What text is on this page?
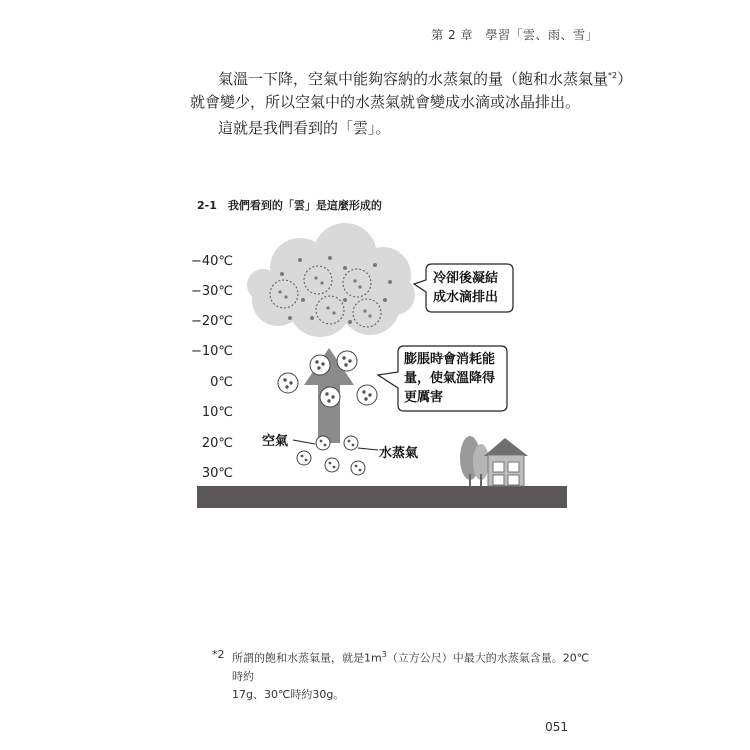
第 2 章　學習「雲、雨、雪」
氣溫一下降，空氣中能夠容納的水蒸氣的量（飽和水蒸氣量$^{*2}$）
就會變少，所以空氣中的水蒸氣就會變成水滴或冰晶排出。
這就是我們看到的「雲」。
2-1　我們看到的「雲」是這麼形成的
−40℃
−30℃
−20℃
−10℃
0℃
10℃
20℃
30℃
冷卻後凝結
成水滴排出
膨脹時會消耗能
量，使氣溫降得
更厲害
空氣
水蒸氣
*2 所謂的飽和水蒸氣量，就是$1m^3$（立方公尺）中最大的水蒸氣含量。20℃時約
17g、30℃時約30g。
051
